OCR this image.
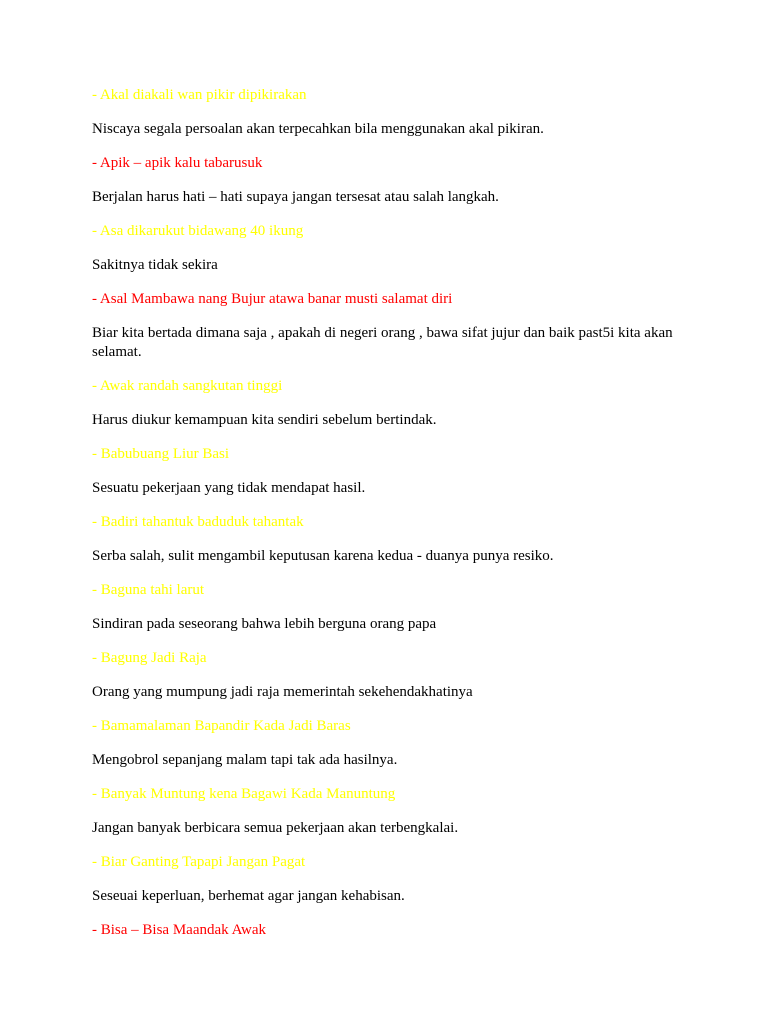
- Akal diakali wan pikir dipikirakan
Niscaya segala persoalan akan terpecahkan bila menggunakan akal pikiran.
- Apik – apik kalu tabarusuk
Berjalan harus hati – hati supaya jangan tersesat atau salah langkah.
- Asa dikarukut bidawang 40 ikung
Sakitnya tidak sekira
- Asal Mambawa nang Bujur atawa banar musti salamat diri
Biar kita bertada dimana saja , apakah di negeri orang , bawa sifat jujur dan baik past5i kita akan selamat.
- Awak randah sangkutan tinggi
Harus diukur kemampuan kita sendiri sebelum bertindak.
- Babubuang Liur Basi
Sesuatu pekerjaan yang tidak mendapat hasil.
- Badiri tahantuk baduduk tahantak
Serba salah, sulit mengambil keputusan karena kedua - duanya punya resiko.
- Baguna tahi larut
Sindiran pada seseorang bahwa lebih berguna orang papa
- Bagung Jadi Raja
Orang yang mumpung jadi raja memerintah sekehendakhatinya
- Bamamalaman Bapandir Kada Jadi Baras
Mengobrol sepanjang malam tapi tak ada hasilnya.
- Banyak Muntung kena Bagawi Kada Manuntung
Jangan banyak berbicara semua pekerjaan akan terbengkalai.
- Biar Ganting Tapapi Jangan Pagat
Seseuai keperluan, berhemat agar jangan kehabisan.
- Bisa – Bisa Maandak Awak
